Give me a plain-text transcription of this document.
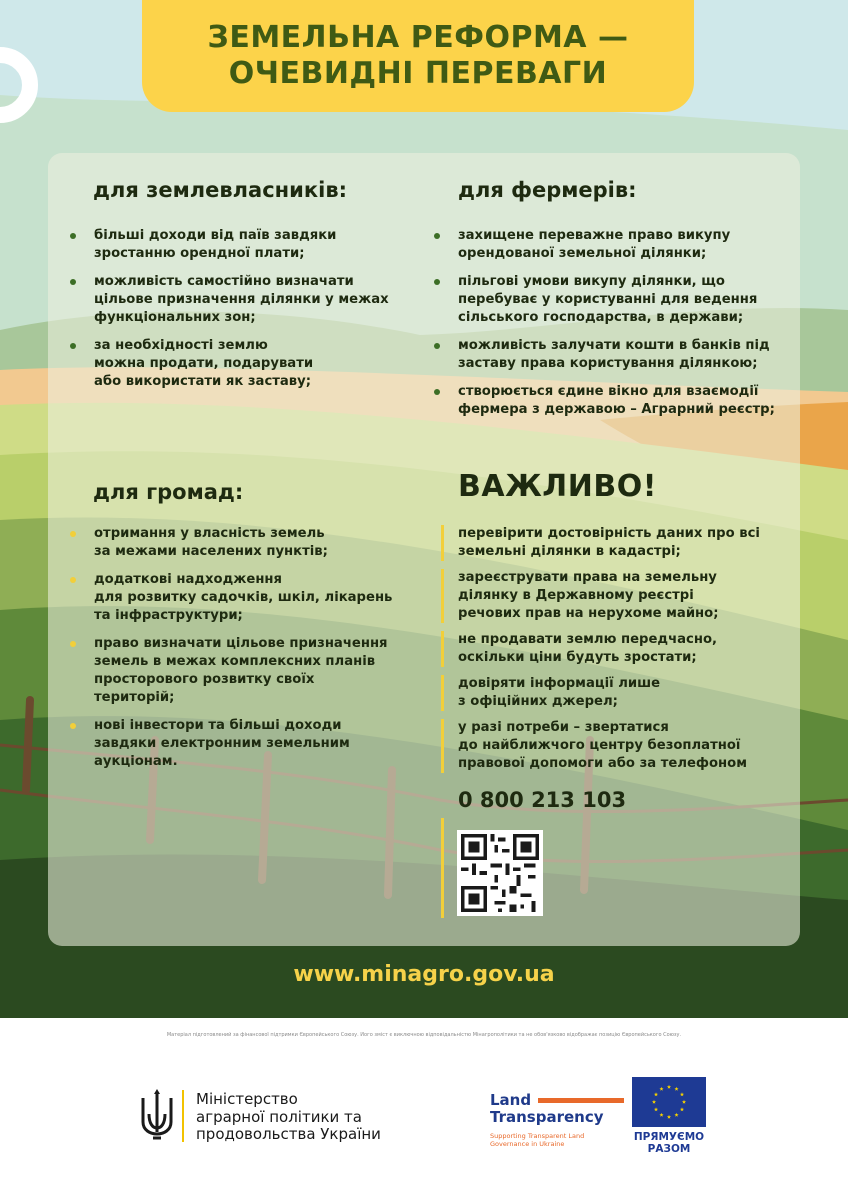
ЗЕМЕЛЬНА РЕФОРМА —
ОЧЕВИДНІ ПЕРЕВАГИ
для землевласників:
більші доходи від паїв завдяки
зростанню орендної плати;
можливість самостійно визначати
цільове призначення ділянки у межах
функціональних зон;
за необхідності землю
можна продати, подарувати
або використати як заставу;
для фермерів:
захищене переважне право викупу
орендованої земельної ділянки;
пільгові умови викупу ділянки, що
перебуває у користуванні для ведення
сільського господарства, в держави;
можливість залучати кошти в банків під
заставу права користування ділянкою;
створюється єдине вікно для взаємодії
фермера з державою – Аграрний реєстр;
для громад:
отримання у власність земель
за межами населених пунктів;
додаткові надходження
для розвитку садочків, шкіл, лікарень
та інфраструктури;
право визначати цільове призначення
земель в межах комплексних планів
просторового розвитку своїх
територій;
нові інвестори та більші доходи
завдяки електронним земельним
аукціонам.
ВАЖЛИВО!
перевірити достовірність даних про всі
земельні ділянки в кадастрі;
зареєструвати права на земельну
ділянку в Державному реєстрі
речових прав на нерухоме майно;
не продавати землю передчасно,
оскільки ціни будуть зростати;
довіряти інформації лише
з офіційних джерел;
у разі потреби – звертатися
до найближчого центру безоплатної
правової допомоги або за телефоном
0 800 213 103
www.minagro.gov.ua
Матеріал підготовлений за фінансової підтримки Європейського Союзу. Його зміст є виключною відповідальністю Мінагрополітики та не обов'язково відображає позицію Європейського Союзу.
Міністерство
аграрної політики та
продовольства України
Land
Transparency
Supporting Transparent Land
Governance in Ukraine
ПРЯМУЄМО
РАЗОМ
